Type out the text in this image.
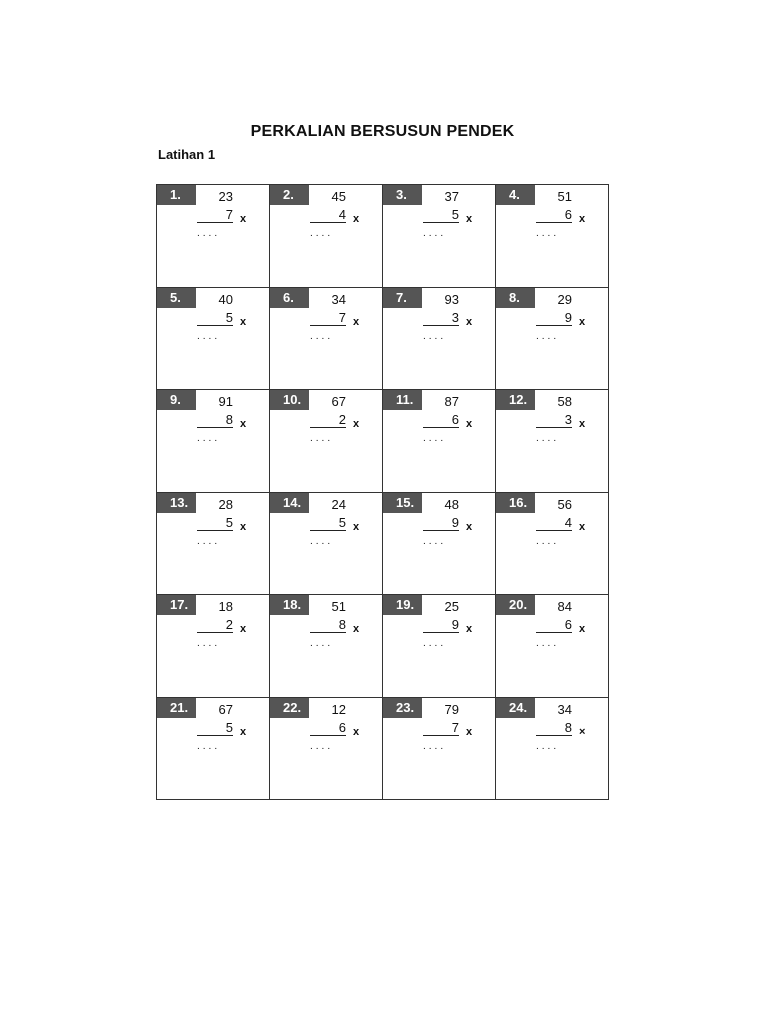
PERKALIAN BERSUSUN PENDEK
Latihan 1
1.	23
7 x
....
2.	45
4 x
....
3.	37
5 x
....
4.	51
6 x
....
5.	40
5 x
....
6.	34
7 x
....
7.	93
3 x
....
8.	29
9 x
....
9.	91
8 x
....
10.	67
2 x
....
11.	87
6 x
....
12.	58
3 x
....
13.	28
5 x
....
14.	24
5 x
....
15.	48
9 x
....
16.	56
4 x
....
17.	18
2 x
....
18.	51
8 x
....
19.	25
9 x
....
20.	84
6 x
....
21.	67
5 x
....
22.	12
6 x
....
23.	79
7 x
....
24.	34
8 ×
....
